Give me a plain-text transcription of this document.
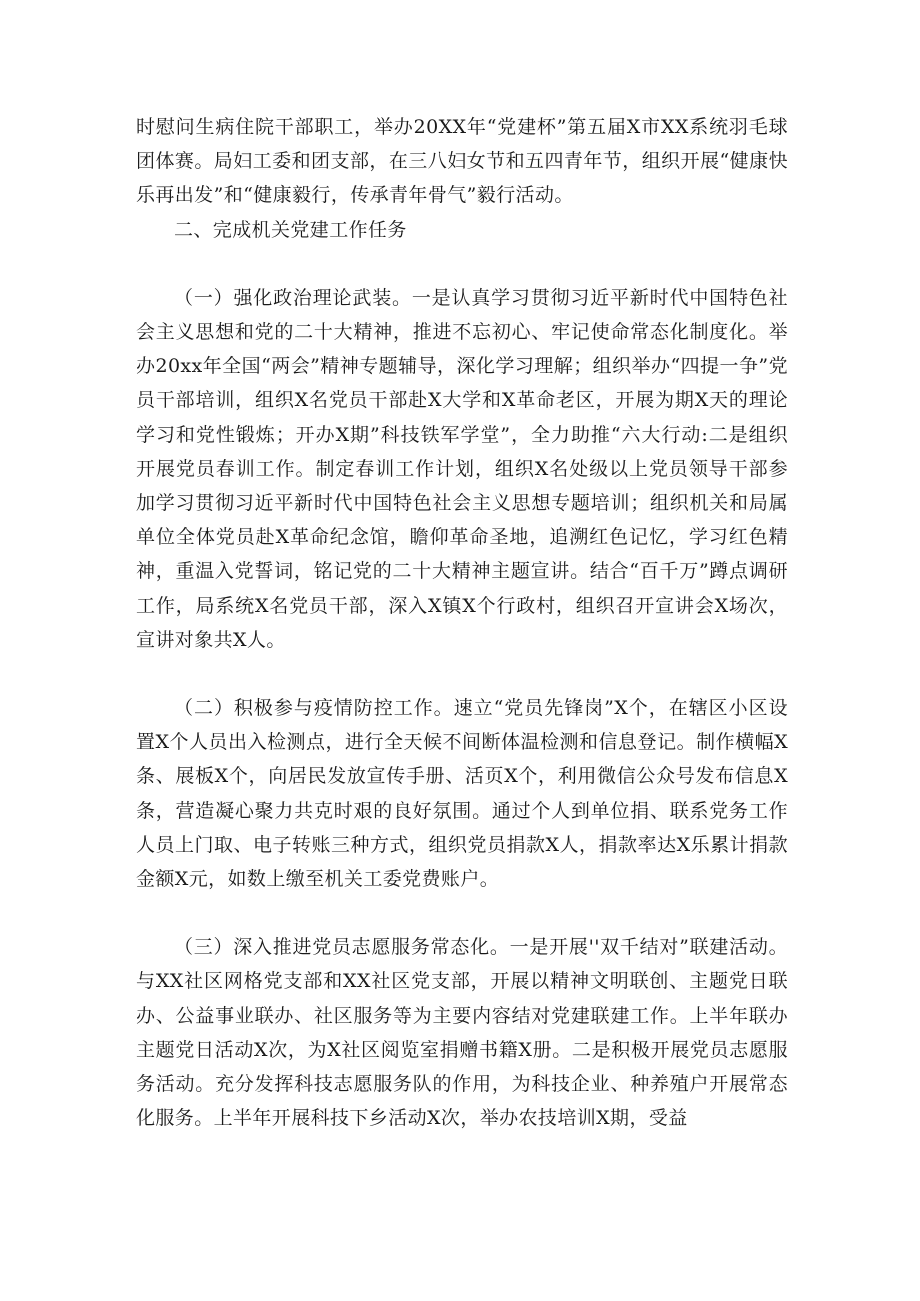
时慰问生病住院干部职工，举办20XX年“党建杯”第五届X市XX系统羽毛球团体赛。局妇工委和团支部，在三八妇女节和五四青年节，组织开展“健康快乐再出发”和“健康毅行，传承青年骨气”毅行活动。

二、完成机关党建工作任务

（一）强化政治理论武装。一是认真学习贯彻习近平新时代中国特色社会主义思想和党的二十大精神，推进不忘初心、牢记使命常态化制度化。举办20xx年全国“两会”精神专题辅导，深化学习理解；组织举办“四提一争”党员干部培训，组织X名党员干部赴X大学和X革命老区，开展为期X天的理论学习和党性锻炼；开办X期”科技铁军学堂”，全力助推“六大行动:二是组织开展党员春训工作。制定春训工作计划，组织X名处级以上党员领导干部参加学习贯彻习近平新时代中国特色社会主义思想专题培训；组织机关和局属单位全体党员赴X革命纪念馆，瞻仰革命圣地，追溯红色记忆，学习红色精神，重温入党誓词，铭记党的二十大精神主题宣讲。结合“百千万”蹲点调研工作，局系统X名党员干部，深入X镇X个行政村，组织召开宣讲会X场次，宣讲对象共X人。

（二）积极参与疫情防控工作。速立“党员先锋岗”X个，在辖区小区设置X个人员出入检测点，进行全天候不间断体温检测和信息登记。制作横幅X条、展板X个，向居民发放宣传手册、活页X个，利用微信公众号发布信息X条，营造凝心聚力共克时艰的良好氛围。通过个人到单位捐、联系党务工作人员上门取、电子转账三种方式，组织党员捐款X人，捐款率达X乐累计捐款金额X元，如数上缴至机关工委党费账户。

（三）深入推进党员志愿服务常态化。一是开展''双千结对”联建活动。与XX社区网格党支部和XX社区党支部，开展以精神文明联创、主题党日联办、公益事业联办、社区服务等为主要内容结对党建联建工作。上半年联办主题党日活动X次，为X社区阅览室捐赠书籍X册。二是积极开展党员志愿服务活动。充分发挥科技志愿服务队的作用，为科技企业、种养殖户开展常态化服务。上半年开展科技下乡活动X次，举办农技培训X期，受益
